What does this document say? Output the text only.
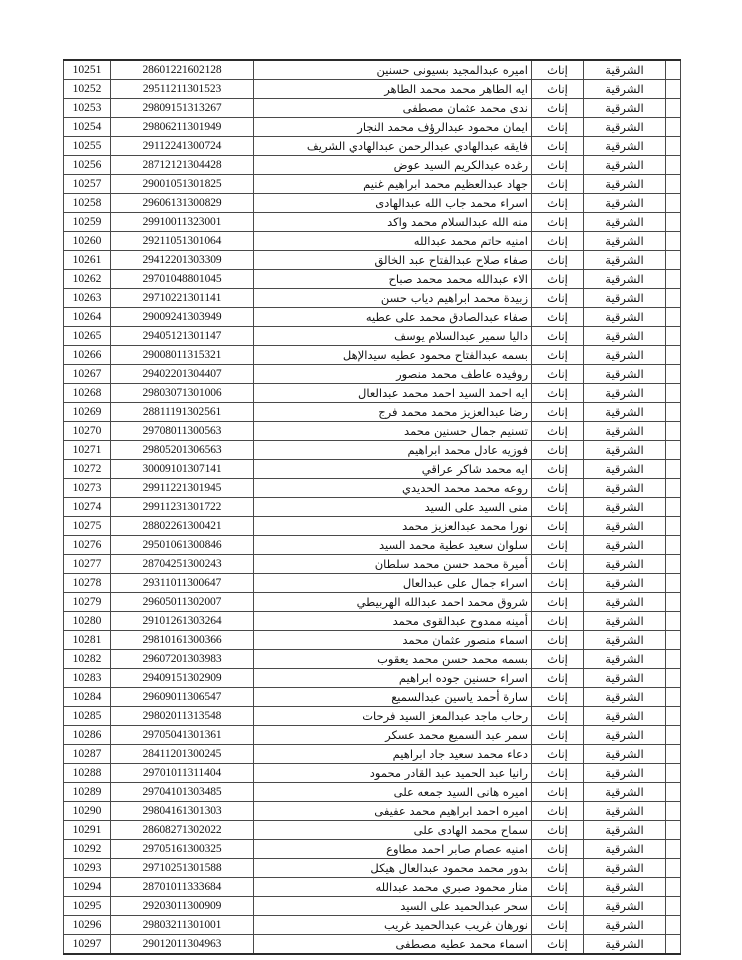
	الشرقية	إناث	اميره عبدالمجيد بسيونى حسنين	28601221602128	10251
	الشرقية	إناث	ايه الطاهر محمد محمد الطاهر	29511211301523	10252
	الشرقية	إناث	ندى محمد عثمان مصطفى	29809151313267	10253
	الشرقية	إناث	ايمان محمود عبدالرؤف محمد النجار	29806211301949	10254
	الشرقية	إناث	فايقه عبدالهادي عبدالرحمن عبدالهادي الشريف	29112241300724	10255
	الشرقية	إناث	رغده عبدالكريم السيد عوض	28712121304428	10256
	الشرقية	إناث	جهاد عبدالعظيم محمد ابراهيم غنيم	29001051301825	10257
	الشرقية	إناث	اسراء محمد جاب الله عبدالهادى	29606131300829	10258
	الشرقية	إناث	منه الله عبدالسلام محمد واكد	29910011323001	10259
	الشرقية	إناث	امنيه حاتم محمد عبدالله	29211051301064	10260
	الشرقية	إناث	صفاء صلاح عبدالفتاح عبد الخالق	29412201303309	10261
	الشرقية	إناث	الاء عبدالله محمد محمد صباح	29701048801045	10262
	الشرقية	إناث	زبيدة محمد ابراهيم دياب حسن	29710221301141	10263
	الشرقية	إناث	صفاء عبدالصادق محمد على عطيه	29009241303949	10264
	الشرقية	إناث	داليا سمير عبدالسلام يوسف	29405121301147	10265
	الشرقية	إناث	بسمه عبدالفتاح محمود عطيه سيدالإهل	29008011315321	10266
	الشرقية	إناث	روفيده عاطف محمد منصور	29402201304407	10267
	الشرقية	إناث	ايه احمد السيد احمد محمد عبدالعال	29803071301006	10268
	الشرقية	إناث	رضا عبدالعزيز محمد محمد فرج	28811191302561	10269
	الشرقية	إناث	تسنيم جمال حسنين محمد	29708011300563	10270
	الشرقية	إناث	فوزيه عادل محمد ابراهيم	29805201306563	10271
	الشرقية	إناث	ايه محمد شاكر عراقي	30009101307141	10272
	الشرقية	إناث	روعه محمد محمد الحديدي	29911221301945	10273
	الشرقية	إناث	منى السيد على السيد	29911231301722	10274
	الشرقية	إناث	نورا محمد عبدالعزيز محمد	28802261300421	10275
	الشرقية	إناث	سلوان سعيد عطية محمد السيد	29501061300846	10276
	الشرقية	إناث	أميرة محمد حسن محمد سلطان	28704251300243	10277
	الشرقية	إناث	اسراء جمال على عبدالعال	29311011300647	10278
	الشرقية	إناث	شروق محمد احمد عبدالله الهربيطي	29605011302007	10279
	الشرقية	إناث	أمينه ممدوح عبدالقوى محمد	29101261303264	10280
	الشرقية	إناث	اسماء منصور عثمان محمد	29810161300366	10281
	الشرقية	إناث	بسمه محمد حسن محمد يعقوب	29607201303983	10282
	الشرقية	إناث	اسراء حسنين جوده ابراهيم	29409151302909	10283
	الشرقية	إناث	سارة أحمد ياسين عبدالسميع	29609011306547	10284
	الشرقية	إناث	رحاب ماجد عبدالمعز السيد فرحات	29802011313548	10285
	الشرقية	إناث	سمر عبد السميع محمد عسكر	29705041301361	10286
	الشرقية	إناث	دعاء محمد سعيد جاد ابراهيم	28411201300245	10287
	الشرقية	إناث	رانيا عبد الحميد عبد القادر محمود	29701011311404	10288
	الشرقية	إناث	اميره هانى السيد جمعه على	29704101303485	10289
	الشرقية	إناث	اميره احمد ابراهيم محمد عفيفى	29804161301303	10290
	الشرقية	إناث	سماح محمد الهادى على	28608271302022	10291
	الشرقية	إناث	امنيه عصام صابر احمد مطاوع	29705161300325	10292
	الشرقية	إناث	بدور محمد محمود عبدالعال هيكل	29710251301588	10293
	الشرقية	إناث	منار محمود صبري محمد عبدالله	28701011333684	10294
	الشرقية	إناث	سحر عبدالحميد على السيد	29203011300909	10295
	الشرقية	إناث	نورهان غريب عبدالحميد غريب	29803211301001	10296
	الشرقية	إناث	اسماء محمد عطيه مصطفى	29012011304963	10297
